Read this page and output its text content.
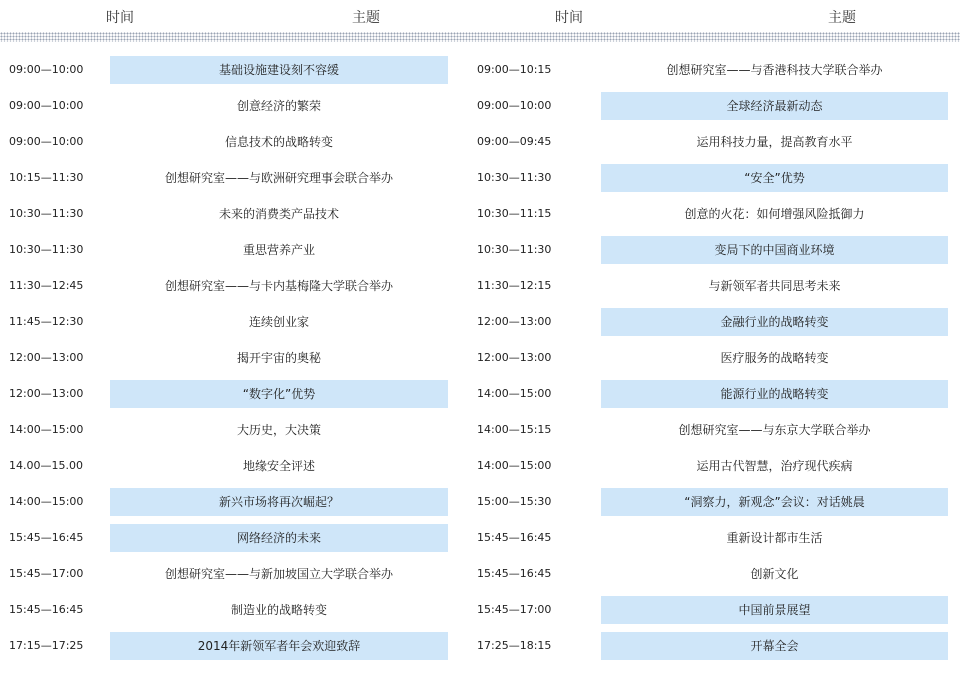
时间	主题	时间	主题
09:00—10:00	基础设施建设刻不容缓
09:00—10:00	创意经济的繁荣
09:00—10:00	信息技术的战略转变
10:15—11:30	创想研究室——与欧洲研究理事会联合举办
10:30—11:30	未来的消费类产品技术
10:30—11:30	重思营养产业
11:30—12:45	创想研究室——与卡内基梅隆大学联合举办
11:45—12:30	连续创业家
12:00—13:00	揭开宇宙的奥秘
12:00—13:00	“数字化”优势
14:00—15:00	大历史，大决策
14.00—15.00	地缘安全评述
14:00—15:00	新兴市场将再次崛起？
15:45—16:45	网络经济的未来
15:45—17:00	创想研究室——与新加坡国立大学联合举办
15:45—16:45	制造业的战略转变
17:15—17:25	2014年新领军者年会欢迎致辞
09:00—10:15	创想研究室——与香港科技大学联合举办
09:00—10:00	全球经济最新动态
09:00—09:45	运用科技力量，提高教育水平
10:30—11:30	“安全”优势
10:30—11:15	创意的火花：如何增强风险抵御力
10:30—11:30	变局下的中国商业环境
11:30—12:15	与新领军者共同思考未来
12:00—13:00	金融行业的战略转变
12:00—13:00	医疗服务的战略转变
14:00—15:00	能源行业的战略转变
14:00—15:15	创想研究室——与东京大学联合举办
14:00—15:00	运用古代智慧，治疗现代疾病
15:00—15:30	“洞察力，新观念”会议：对话姚晨
15:45—16:45	重新设计都市生活
15:45—16:45	创新文化
15:45—17:00	中国前景展望
17:25—18:15	开幕全会
